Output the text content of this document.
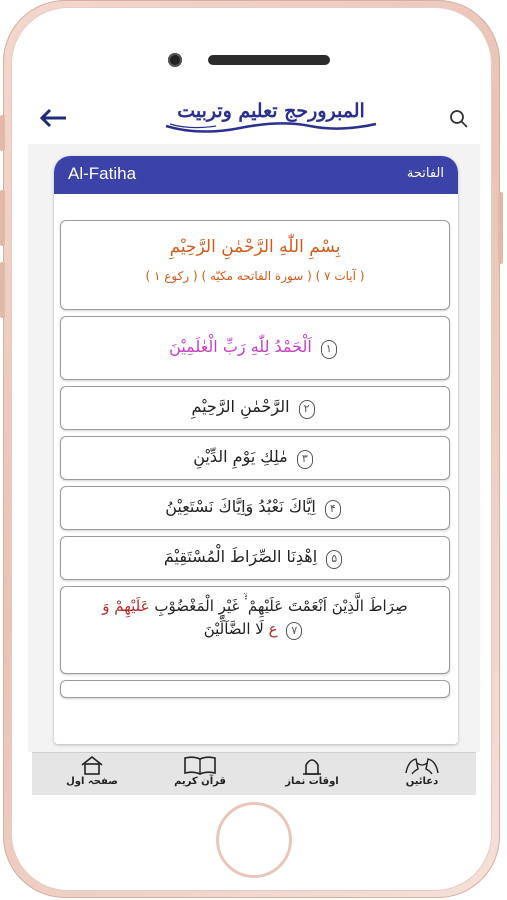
المبرورحج تعلیم وتربیت
Al-Fatiha	الفاتحة
بِسْمِ اللّٰهِ الرَّحْمٰنِ الرَّحِيْمِ
( رکوع ۱ ) ( سورة الفاتحه مکيّه ) ( آيات ۷ )
اَلْحَمْدُ لِلّٰهِ رَبِّ الْعٰلَمِيْنَ ۱
الرَّحْمٰنِ الرَّحِيْمِ ۲
مٰلِكِ يَوْمِ الدِّيْنِ ۳
اِيَّاكَ نَعْبُدُ وَاِيَّاكَ نَسْتَعِيْنُ ۴
اِهْدِنَا الصِّرَاطَ الْمُسْتَقِيْمَ ۵
صِرَاطَ الَّذِيْنَ اَنْعَمْتَ عَلَيْهِمْ ۬ۙ غَيْرِ الْمَغْضُوْبِ عَلَيْهِمْ وَ
ع لَا الضَّآلِّيْنَ	۷
صفحہ اول	قرآن کریم	اوقات نماز	دعائیں
